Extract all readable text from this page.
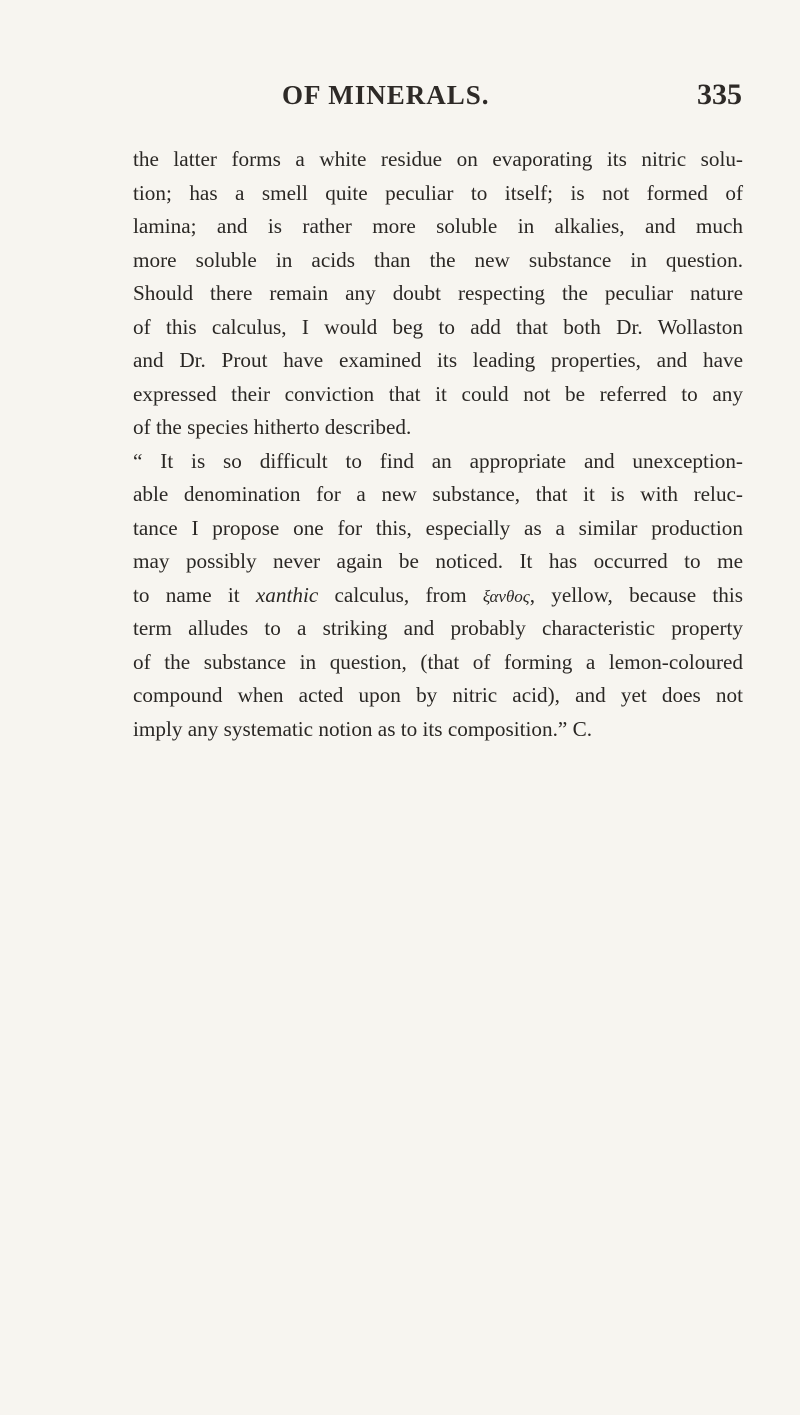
OF MINERALS.	335
the latter forms a white residue on evaporating its nitric solu-
tion; has a smell quite peculiar to itself; is not formed of
lamina; and is rather more soluble in alkalies, and much
more soluble in acids than the new substance in question.
Should there remain any doubt respecting the peculiar nature
of this calculus, I would beg to add that both Dr. Wollaston
and Dr. Prout have examined its leading properties, and have
expressed their conviction that it could not be referred to any
of the species hitherto described.
“ It is so difficult to find an appropriate and unexception-
able denomination for a new substance, that it is with reluc-
tance I propose one for this, especially as a similar production
may possibly never again be noticed. It has occurred to me
to name it xanthic calculus, from ξανθος, yellow, because this
term alludes to a striking and probably characteristic property
of the substance in question, (that of forming a lemon-coloured
compound when acted upon by nitric acid), and yet does not
imply any systematic notion as to its composition.” C.
